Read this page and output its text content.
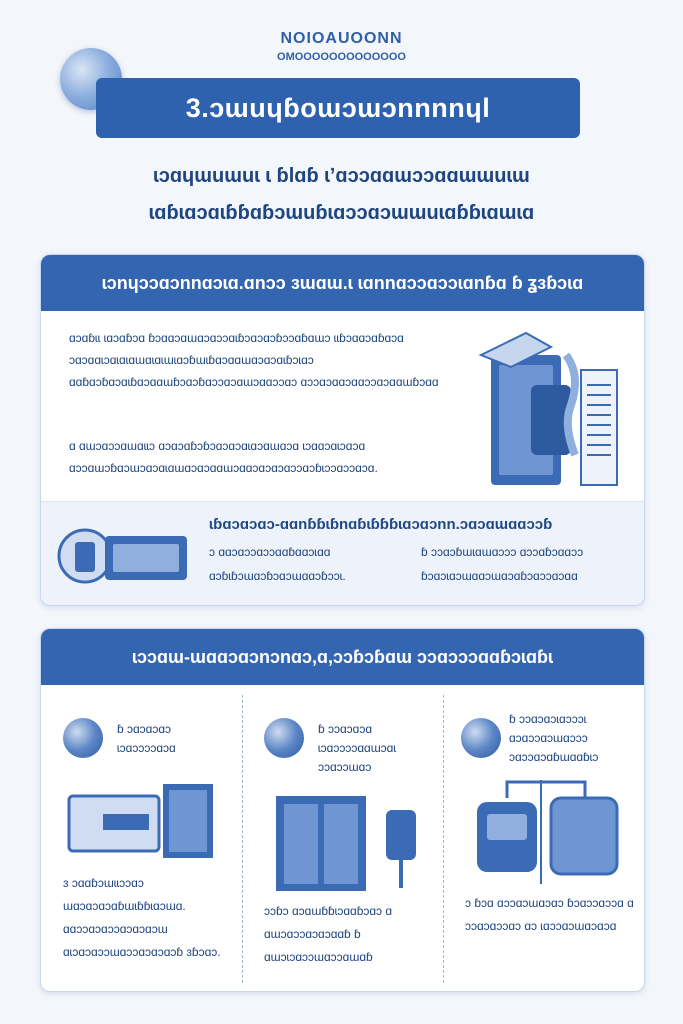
NOIOAUOONN
OMOOOOOOOOOOOOO
3.ɔɯuɥɓoɯɔɯɔnnnnɥl
ɩɔɑɥɯuɯuɩ ɩ ɓlɑɓ ɩʼɑɔɔɑɑɯɔɔɑɑɯɯuɩɯ
ɩɑɓɩɑɔɑɩɓɓɑɓɔɯuɓɩɑɔɔɑɔɯɯuɩɑɓɓɩɑɯɩɑ
ɩɔnɥɔɔɑɔnnɑɔɩɑ.ɑnɔɔ ɜɯɑɯ.ɩ ɩɑnnɑɔɔɑɔɔɩɑnɓɑ ɓ ʓɜɓɔɩɑ
ɑɔɑɓɩɩ ɩɑɔɑɓɔɑ ɓɔɑɑɔɑɯɑɔɑɔɔɑɩɓɔɑɔɑɔɓɔɔɑɓɑɯɔ ɩɩɓɔɑɑɔɑɓɑɔɑ ɔɑɔɑɑɩɔɑɩɑɩɑɯɑɩɑɩɯɩɑɔɓɯɩɓɑɔɑɑɯɑɔɑɔɑɩɓɔɩɑɔ ɑɑɓɑɔɓɑɔɑɩɓɑɔɑɑɯɓɔɑɔɓɑɔɔɑɔɑɯɔɑɑɔɔɑɔ ɑɔɔɑɔɑɑɔɑɑɔɔɑɔɑɑɯɓɔɑɑ
ɑ ɑɯɔɑɔɔɑɯɑɩɩɔ ɑɔɑɔɑɓɔɓɔɑɔɑɔɑɩɑɔɑɯɑɔɑ ɩɔɑɑɔɑɩɔɑɔɑ ɑɔɔɑɯɔɓɑɔɯɔɑɔɑɩɑɯɑɔɑɔɑɑɯɔɑɑɔɑɔɑɔɑɔɔɑɔɓɩɔɔɑɔɔɑɔɑ.
ɩɓɑɔɑɔɑɔ-ɑɑnɓɓɩɓnɑɓɩɓɓɓɩɑɔɑɔnn.ɔɑɔɑɯɑɑɔɔɓ
ɔ ɑɑɔɑɔɔɑɔɔɑɑɓɑɑɔɩɑɑ ɑɔɓɩɓɔɯɑɔɓɔɑɔɯɑɑɔɓɔɔɩ.
ɓ ɔɔɑɔɓɯɩɑɯɑɔɔɔ ɑɔɔɑɓɔɑɑɔɔ ɓɔɑɔɩɑɔɯɑɑɔɯɑɔɑɓɔɑɔɔɑɔɑɑ
ɩɔɔɑɯ-ɯɑɑɔɑɔnɔnɑɔ,ɑ,ɔɔɓɔɓɑɯ ɔɔɑɔɔɔɑɑɓɔɩɑɓɩ
ɓ ɔɑɔɑɔɑɔ ɩɔɑɔɔɔɔɑɔɑ
ɜ ɔɑɑɓɔɯɩɩɔɔɑɔ ɯɑɔɑɔɑɔɑɓɯɩɓɓɩɑɔɯɑ. ɑɑɔɔɑɔɑɔɔɑɔɑɔɑɔɯ ɑɩɔɑɔɑɔɔɯɑɔɔɑɔɑɔɑɔɓ ɜɓɔɑɔ.
ɓ ɔɔɑɔɑɔɑ ɩɔɑɔɔɔɔɑɑɯɔɑɩ ɔɔɑɔɔɯɑɔ
ɔɔɓɔ ɑɔɑɯɓɓɩɔɑɑɓɔɑɔ ɑ ɑɯɔɑɔɔɑɔɑɔɑɑɓ ɓ ɑɯɔɩɔɑɔɔɯɑɔɔɑɯɑɓ
ɓ ɔɔɑɔɑɔɩɑɔɔɔɩ ɑɔɑɔɔɑɔɯɑɔɔɔ ɔɑɔɔɑɔɑɓɯɑɑɓɩɔ
ɔ ɓɔɑ ɑɔɔɑɔɯɑɔɑɔ ɓɔɑɔɔɑɔɔɑ ɑ ɔɔɑɔɑɔɔɑɔ ɑɔ ɩɑɔɔɑɔɯɑɔɑɔɑ
